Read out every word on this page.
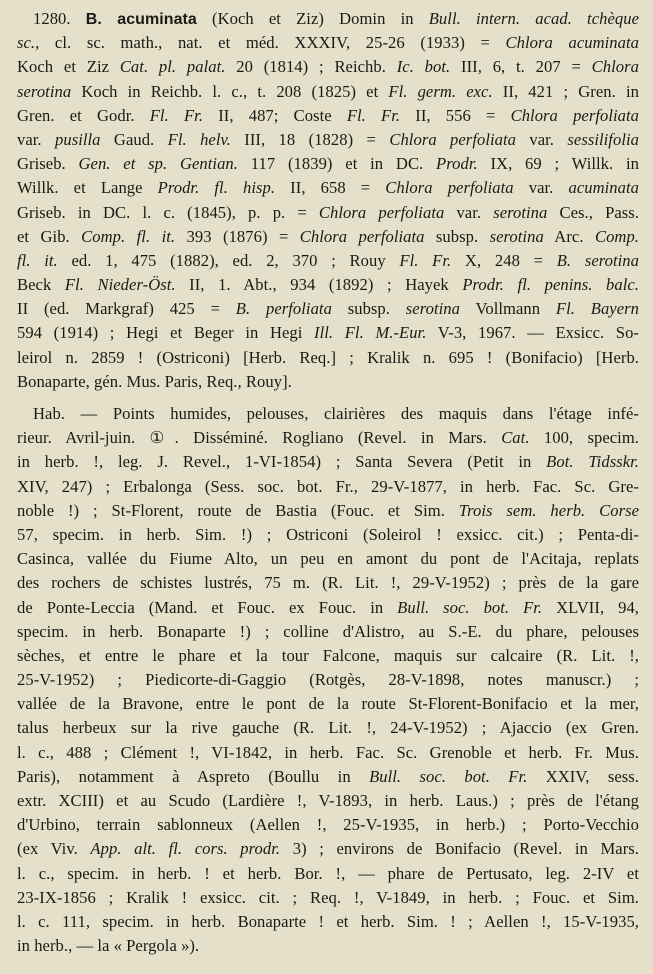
1280. B. acuminata (Koch et Ziz) Domin in Bull. intern. acad. tchèque
sc., cl. sc. math., nat. et méd. XXXIV, 25-26 (1933) = Chlora acuminata
Koch et Ziz Cat. pl. palat. 20 (1814) ; Reichb. Ic. bot. III, 6, t. 207 = Chlora
serotina Koch in Reichb. l. c., t. 208 (1825) et Fl. germ. exc. II, 421 ; Gren. in
Gren. et Godr. Fl. Fr. II, 487; Coste Fl. Fr. II, 556 = Chlora perfoliata
var. pusilla Gaud. Fl. helv. III, 18 (1828) = Chlora perfoliata var. sessilifolia
Griseb. Gen. et sp. Gentian. 117 (1839) et in DC. Prodr. IX, 69 ; Willk. in
Willk. et Lange Prodr. fl. hisp. II, 658 = Chlora perfoliata var. acuminata
Griseb. in DC. l. c. (1845), p. p. = Chlora perfoliata var. serotina Ces., Pass.
et Gib. Comp. fl. it. 393 (1876) = Chlora perfoliata subsp. serotina Arc. Comp.
fl. it. ed. 1, 475 (1882), ed. 2, 370 ; Rouy Fl. Fr. X, 248 = B. serotina
Beck Fl. Nieder-Öst. II, 1. Abt., 934 (1892) ; Hayek Prodr. fl. penins. balc.
II (ed. Markgraf) 425 = B. perfoliata subsp. serotina Vollmann Fl. Bayern
594 (1914) ; Hegi et Beger in Hegi Ill. Fl. M.-Eur. V-3, 1967. — Exsicc. So-
leirol n. 2859 ! (Ostriconi) [Herb. Req.] ; Kralik n. 695 ! (Bonifacio) [Herb.
Bonaparte, gén. Mus. Paris, Req., Rouy].
Hab. — Points humides, pelouses, clairières des maquis dans l'étage infé-
rieur. Avril-juin. ①. Disséminé. Rogliano (Revel. in Mars. Cat. 100, specim.
in herb. !, leg. J. Revel., 1-VI-1854) ; Santa Severa (Petit in Bot. Tidsskr.
XIV, 247) ; Erbalonga (Sess. soc. bot. Fr., 29-V-1877, in herb. Fac. Sc. Gre-
noble !) ; St-Florent, route de Bastia (Fouc. et Sim. Trois sem. herb. Corse
57, specim. in herb. Sim. !) ; Ostriconi (Soleirol ! exsicc. cit.) ; Penta-di-
Casinca, vallée du Fiume Alto, un peu en amont du pont de l'Acitaja, replats
des rochers de schistes lustrés, 75 m. (R. Lit. !, 29-V-1952) ; près de la gare
de Ponte-Leccia (Mand. et Fouc. ex Fouc. in Bull. soc. bot. Fr. XLVII, 94,
specim. in herb. Bonaparte !) ; colline d'Alistro, au S.-E. du phare, pelouses
sèches, et entre le phare et la tour Falcone, maquis sur calcaire (R. Lit. !,
25-V-1952) ; Piedicorte-di-Gaggio (Rotgès, 28-V-1898, notes manuscr.) ;
vallée de la Bravone, entre le pont de la route St-Florent-Bonifacio et la mer,
talus herbeux sur la rive gauche (R. Lit. !, 24-V-1952) ; Ajaccio (ex Gren.
l. c., 488 ; Clément !, VI-1842, in herb. Fac. Sc. Grenoble et herb. Fr. Mus.
Paris), notamment à Aspreto (Boullu in Bull. soc. bot. Fr. XXIV, sess.
extr. XCIII) et au Scudo (Lardière !, V-1893, in herb. Laus.) ; près de l'étang
d'Urbino, terrain sablonneux (Aellen !, 25-V-1935, in herb.) ; Porto-Vecchio
(ex Viv. App. alt. fl. cors. prodr. 3) ; environs de Bonifacio (Revel. in Mars.
l. c., specim. in herb. ! et herb. Bor. !, — phare de Pertusato, leg. 2-IV et
23-IX-1856 ; Kralik ! exsicc. cit. ; Req. !, V-1849, in herb. ; Fouc. et Sim.
l. c. 111, specim. in herb. Bonaparte ! et herb. Sim. ! ; Aellen !, 15-V-1935,
in herb., — la « Pergola »).
